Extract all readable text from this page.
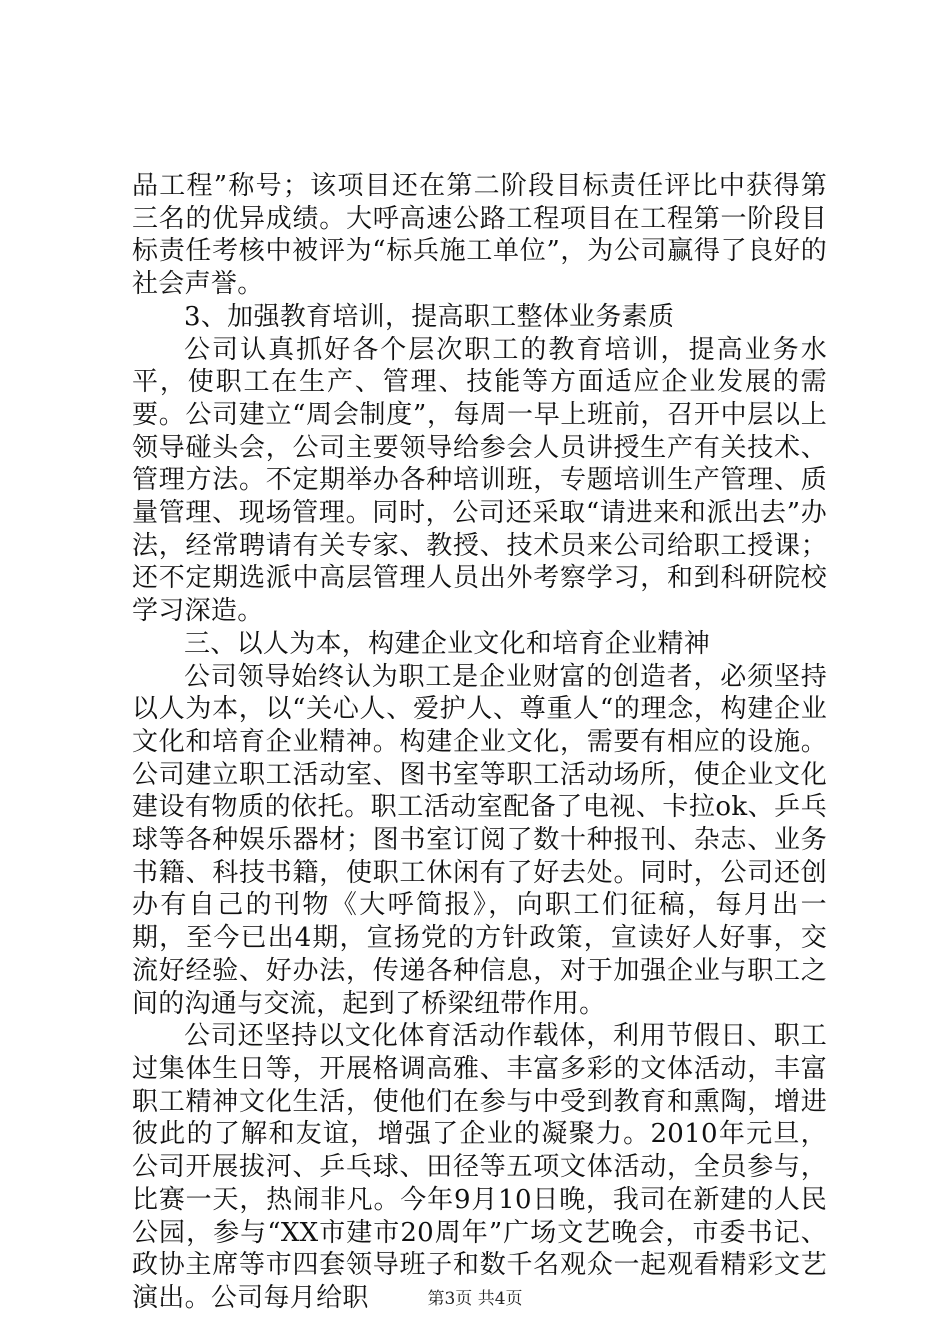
品工程”称号；该项目还在第二阶段目标责任评比中获得第三名的优异成绩。大呼高速公路工程项目在工程第一阶段目标责任考核中被评为“标兵施工单位”，为公司赢得了良好的社会声誉。

3、加强教育培训，提高职工整体业务素质

公司认真抓好各个层次职工的教育培训，提高业务水平，使职工在生产、管理、技能等方面适应企业发展的需要。公司建立“周会制度”，每周一早上班前，召开中层以上领导碰头会，公司主要领导给参会人员讲授生产有关技术、管理方法。不定期举办各种培训班，专题培训生产管理、质量管理、现场管理。同时，公司还采取“请进来和派出去”办法，经常聘请有关专家、教授、技术员来公司给职工授课；还不定期选派中高层管理人员出外考察学习，和到科研院校学习深造。

三、以人为本，构建企业文化和培育企业精神

公司领导始终认为职工是企业财富的创造者，必须坚持以人为本，以“关心人、爱护人、尊重人“的理念，构建企业文化和培育企业精神。构建企业文化，需要有相应的设施。公司建立职工活动室、图书室等职工活动场所，使企业文化建设有物质的依托。职工活动室配备了电视、卡拉ok、乒乓球等各种娱乐器材；图书室订阅了数十种报刊、杂志、业务书籍、科技书籍，使职工休闲有了好去处。同时，公司还创办有自己的刊物《大呼简报》，向职工们征稿，每月出一期，至今已出4期，宣扬党的方针政策，宣读好人好事，交流好经验、好办法，传递各种信息，对于加强企业与职工之间的沟通与交流，起到了桥梁纽带作用。

公司还坚持以文化体育活动作载体，利用节假日、职工过集体生日等，开展格调高雅、丰富多彩的文体活动，丰富职工精神文化生活，使他们在参与中受到教育和熏陶，增进彼此的了解和友谊，增强了企业的凝聚力。2010年元旦，公司开展拔河、乒乓球、田径等五项文体活动，全员参与，比赛一天，热闹非凡。今年9月10日晚，我司在新建的人民公园，参与“XX市建市20周年”广场文艺晚会，市委书记、政协主席等市四套领导班子和数千名观众一起观看精彩文艺演出。公司每月给职	第3页 共4页
